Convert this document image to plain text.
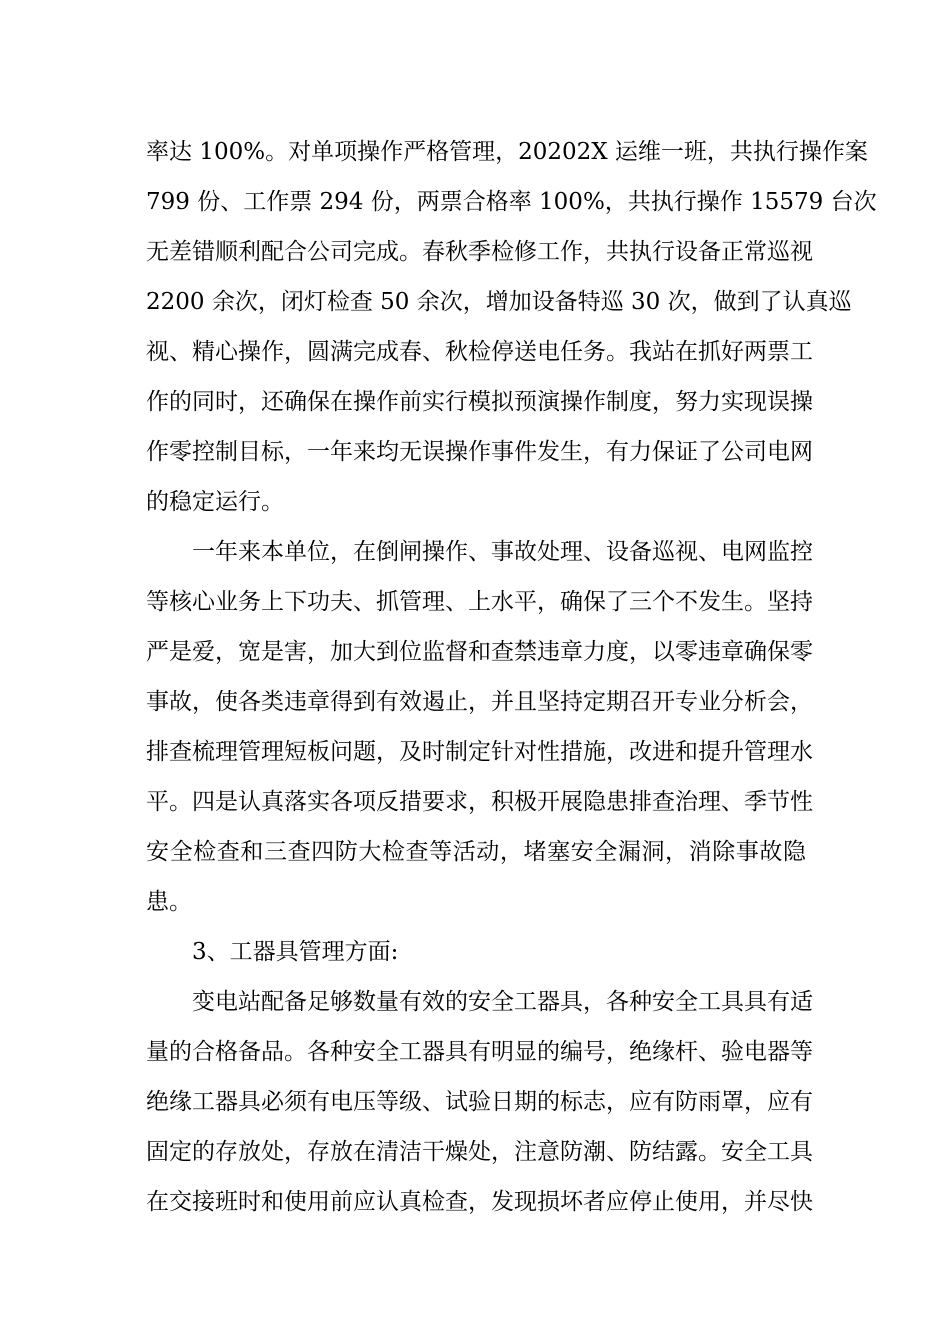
率达 100%。对单项操作严格管理，20202X 运维一班，共执行操作案
799 份、工作票 294 份，两票合格率 100%，共执行操作 15579 台次
无差错顺利配合公司完成。春秋季检修工作，共执行设备正常巡视
2200 余次，闭灯检查 50 余次，增加设备特巡 30 次，做到了认真巡
视、精心操作，圆满完成春、秋检停送电任务。我站在抓好两票工
作的同时，还确保在操作前实行模拟预演操作制度，努力实现误操
作零控制目标，一年来均无误操作事件发生，有力保证了公司电网
的稳定运行。
一年来本单位，在倒闸操作、事故处理、设备巡视、电网监控
等核心业务上下功夫、抓管理、上水平，确保了三个不发生。坚持
严是爱，宽是害，加大到位监督和查禁违章力度，以零违章确保零
事故，使各类违章得到有效遏止，并且坚持定期召开专业分析会，
排查梳理管理短板问题，及时制定针对性措施，改进和提升管理水
平。四是认真落实各项反措要求，积极开展隐患排查治理、季节性
安全检查和三查四防大检查等活动，堵塞安全漏洞，消除事故隐
患。
3、工器具管理方面:
变电站配备足够数量有效的安全工器具，各种安全工具具有适
量的合格备品。各种安全工器具有明显的编号，绝缘杆、验电器等
绝缘工器具必须有电压等级、试验日期的标志，应有防雨罩，应有
固定的存放处，存放在清洁干燥处，注意防潮、防结露。安全工具
在交接班时和使用前应认真检查，发现损坏者应停止使用，并尽快
